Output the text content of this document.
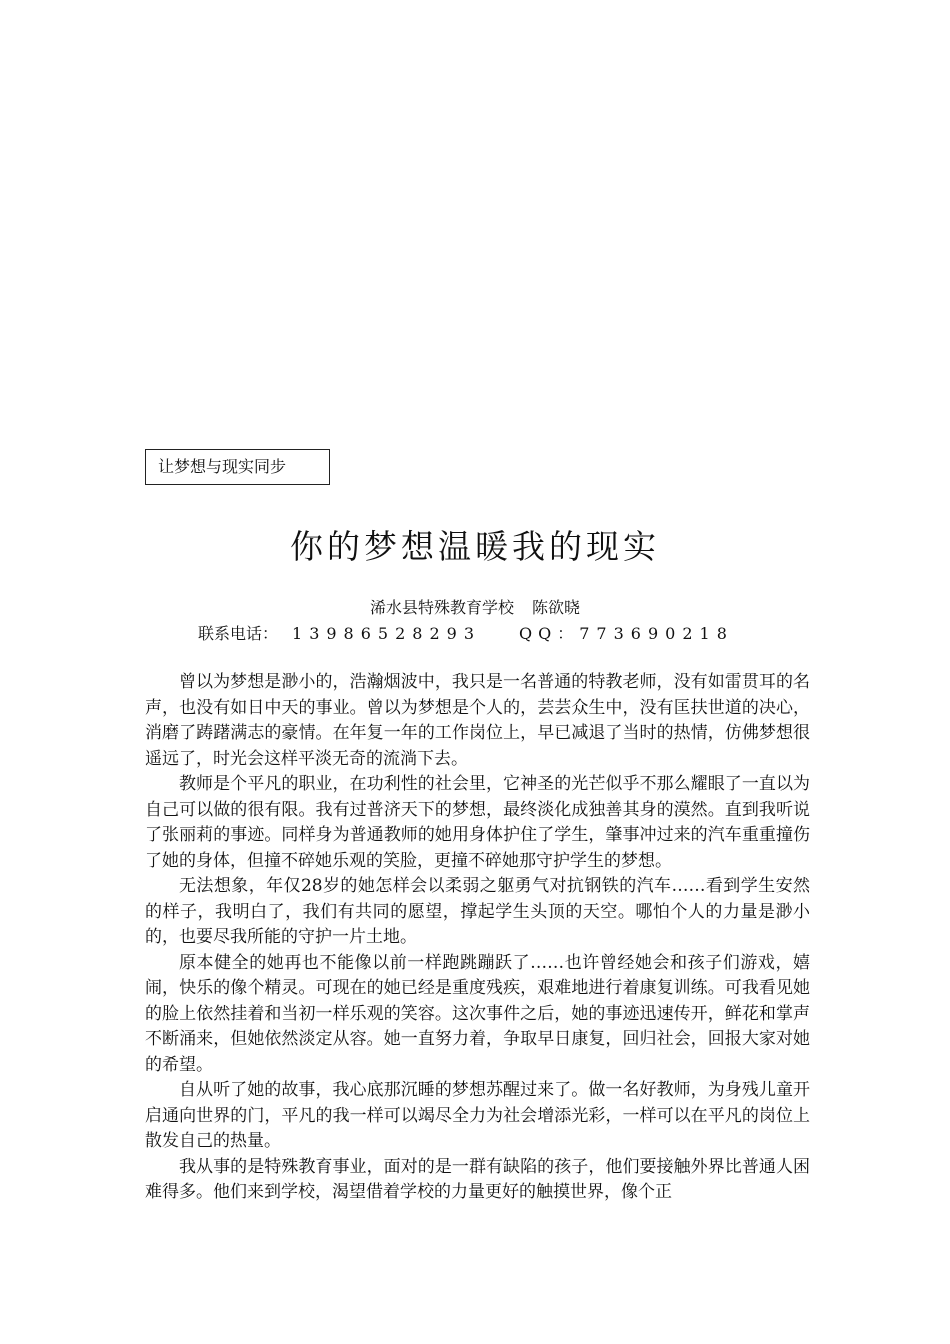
让梦想与现实同步
你的梦想温暖我的现实
浠水县特殊教育学校 陈欲晓
联系电话： 13986528293 QQ：773690218

曾以为梦想是渺小的，浩瀚烟波中，我只是一名普通的特教老师，没有如雷贯耳的名声，也没有如日中天的事业。曾以为梦想是个人的，芸芸众生中，没有匡扶世道的决心，消磨了踌躇满志的豪情。在年复一年的工作岗位上，早已减退了当时的热情，仿佛梦想很遥远了，时光会这样平淡无奇的流淌下去。

教师是个平凡的职业，在功利性的社会里，它神圣的光芒似乎不那么耀眼了一直以为自己可以做的很有限。我有过普济天下的梦想，最终淡化成独善其身的漠然。直到我听说了张丽莉的事迹。同样身为普通教师的她用身体护住了学生，肇事冲过来的汽车重重撞伤了她的身体，但撞不碎她乐观的笑脸，更撞不碎她那守护学生的梦想。

无法想象，年仅28岁的她怎样会以柔弱之躯勇气对抗钢铁的汽车……看到学生安然的样子，我明白了，我们有共同的愿望，撑起学生头顶的天空。哪怕个人的力量是渺小的，也要尽我所能的守护一片土地。

原本健全的她再也不能像以前一样跑跳蹦跃了……也许曾经她会和孩子们游戏，嬉闹，快乐的像个精灵。可现在的她已经是重度残疾，艰难地进行着康复训练。可我看见她的脸上依然挂着和当初一样乐观的笑容。这次事件之后，她的事迹迅速传开，鲜花和掌声不断涌来，但她依然淡定从容。她一直努力着，争取早日康复，回归社会，回报大家对她的希望。

自从听了她的故事，我心底那沉睡的梦想苏醒过来了。做一名好教师，为身残儿童开启通向世界的门，平凡的我一样可以竭尽全力为社会增添光彩，一样可以在平凡的岗位上散发自己的热量。

我从事的是特殊教育事业，面对的是一群有缺陷的孩子，他们要接触外界比普通人困难得多。他们来到学校，渴望借着学校的力量更好的触摸世界，像个正
